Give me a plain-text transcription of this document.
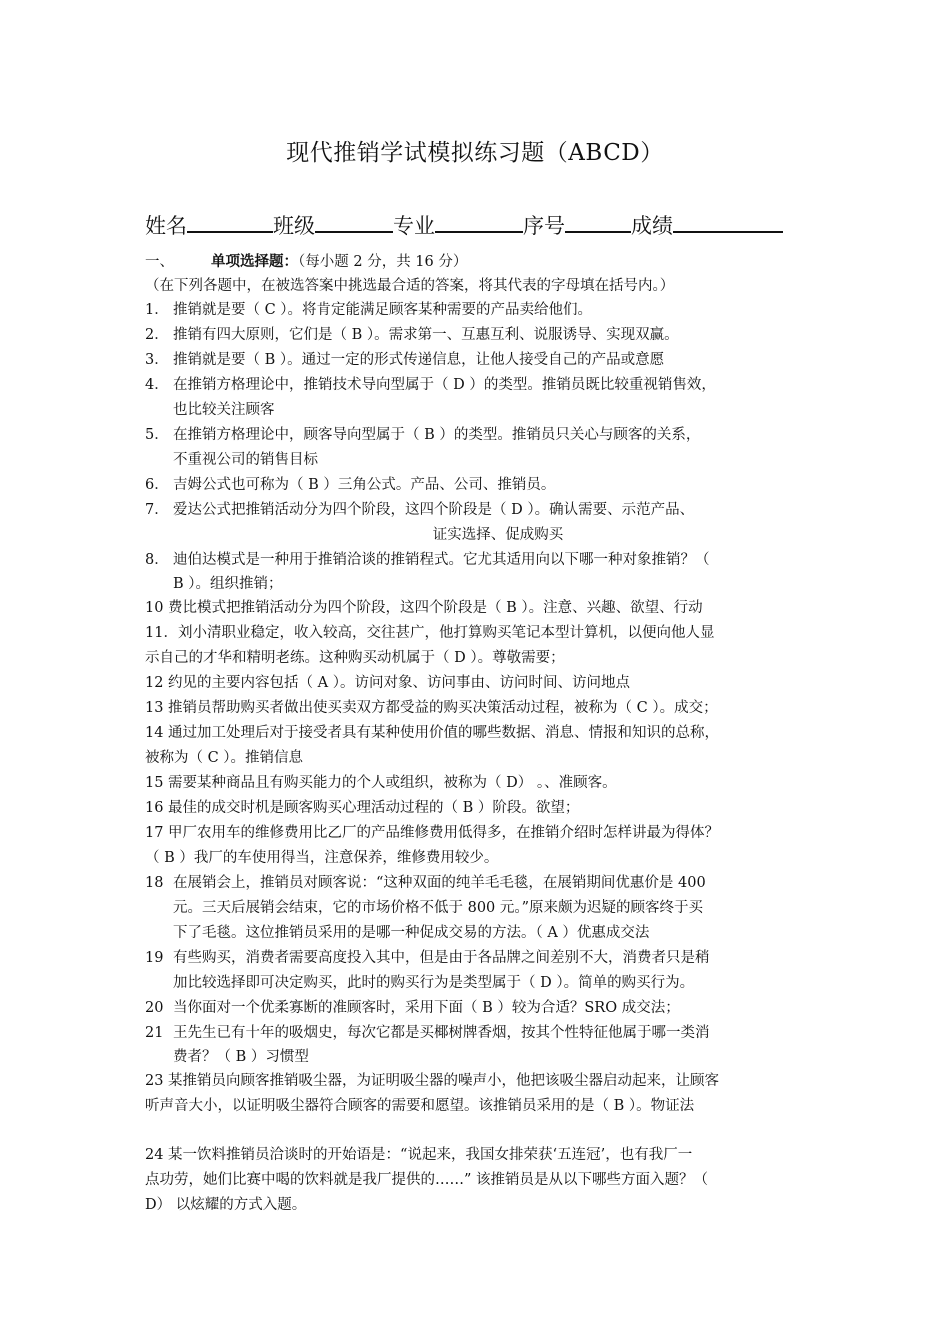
现代推销学试模拟练习题（ABCD）
姓名	班级	专业	序号	成绩
一、	单项选择题：（每小题 2 分，共 16 分）
（在下列各题中，在被选答案中挑选最合适的答案，将其代表的字母填在括号内。）
1． 推销就是要（ C ）。将肯定能满足顾客某种需要的产品卖给他们。
2． 推销有四大原则，它们是（ B ）。需求第一、互惠互利、说服诱导、实现双赢。
3． 推销就是要（ B ）。通过一定的形式传递信息，让他人接受自己的产品或意愿
4． 在推销方格理论中，推销技术导向型属于（ D ）的类型。推销员既比较重视销售效，
也比较关注顾客
5． 在推销方格理论中，顾客导向型属于（ B ）的类型。推销员只关心与顾客的关系，
不重视公司的销售目标
6． 吉姆公式也可称为（ B ）三角公式。产品、公司、推销员。
7． 爱达公式把推销活动分为四个阶段，这四个阶段是（ D ）。确认需要、示范产品、
证实选择、促成购买
8． 迪伯达模式是一种用于推销洽谈的推销程式。它尤其适用向以下哪一种对象推销？（
B ）。组织推销；
10 费比模式把推销活动分为四个阶段，这四个阶段是（ B ）。注意、兴趣、欲望、行动
11．刘小清职业稳定，收入较高，交往甚广，他打算购买笔记本型计算机，以便向他人显
示自己的才华和精明老练。这种购买动机属于（ D ）。尊敬需要；
12 约见的主要内容包括（ A ）。访问对象、访问事由、访问时间、访问地点
13 推销员帮助购买者做出使买卖双方都受益的购买决策活动过程，被称为（ C ）。成交；
14 通过加工处理后对于接受者具有某种使用价值的哪些数据、消息、情报和知识的总称，
被称为（ C ）。推销信息
15 需要某种商品且有购买能力的个人或组织，被称为（ D） 。、准顾客。
16 最佳的成交时机是顾客购买心理活动过程的（ B ）阶段。欲望；
17 甲厂农用车的维修费用比乙厂的产品维修费用低得多，在推销介绍时怎样讲最为得体？
（ B ）我厂的车使用得当，注意保养，维修费用较少。
18 在展销会上，推销员对顾客说：“这种双面的纯羊毛毛毯，在展销期间优惠价是 400
元。三天后展销会结束，它的市场价格不低于 800 元。”原来颇为迟疑的顾客终于买
下了毛毯。这位推销员采用的是哪一种促成交易的方法。（ A ）优惠成交法
19 有些购买，消费者需要高度投入其中，但是由于各品牌之间差别不大，消费者只是稍
加比较选择即可决定购买，此时的购买行为是类型属于（ D ）。简单的购买行为。
20 当你面对一个优柔寡断的准顾客时，采用下面（ B ）较为合适？SRO 成交法；
21 王先生已有十年的吸烟史，每次它都是买椰树牌香烟，按其个性特征他属于哪一类消
费者？（ B ）习惯型
23 某推销员向顾客推销吸尘器，为证明吸尘器的噪声小，他把该吸尘器启动起来，让顾客
听声音大小，以证明吸尘器符合顾客的需要和愿望。该推销员采用的是（ B ）。物证法
24 某一饮料推销员洽谈时的开始语是：“说起来，我国女排荣获‘五连冠’，也有我厂一
点功劳，她们比赛中喝的饮料就是我厂提供的……” 该推销员是从以下哪些方面入题？（
D） 以炫耀的方式入题。
